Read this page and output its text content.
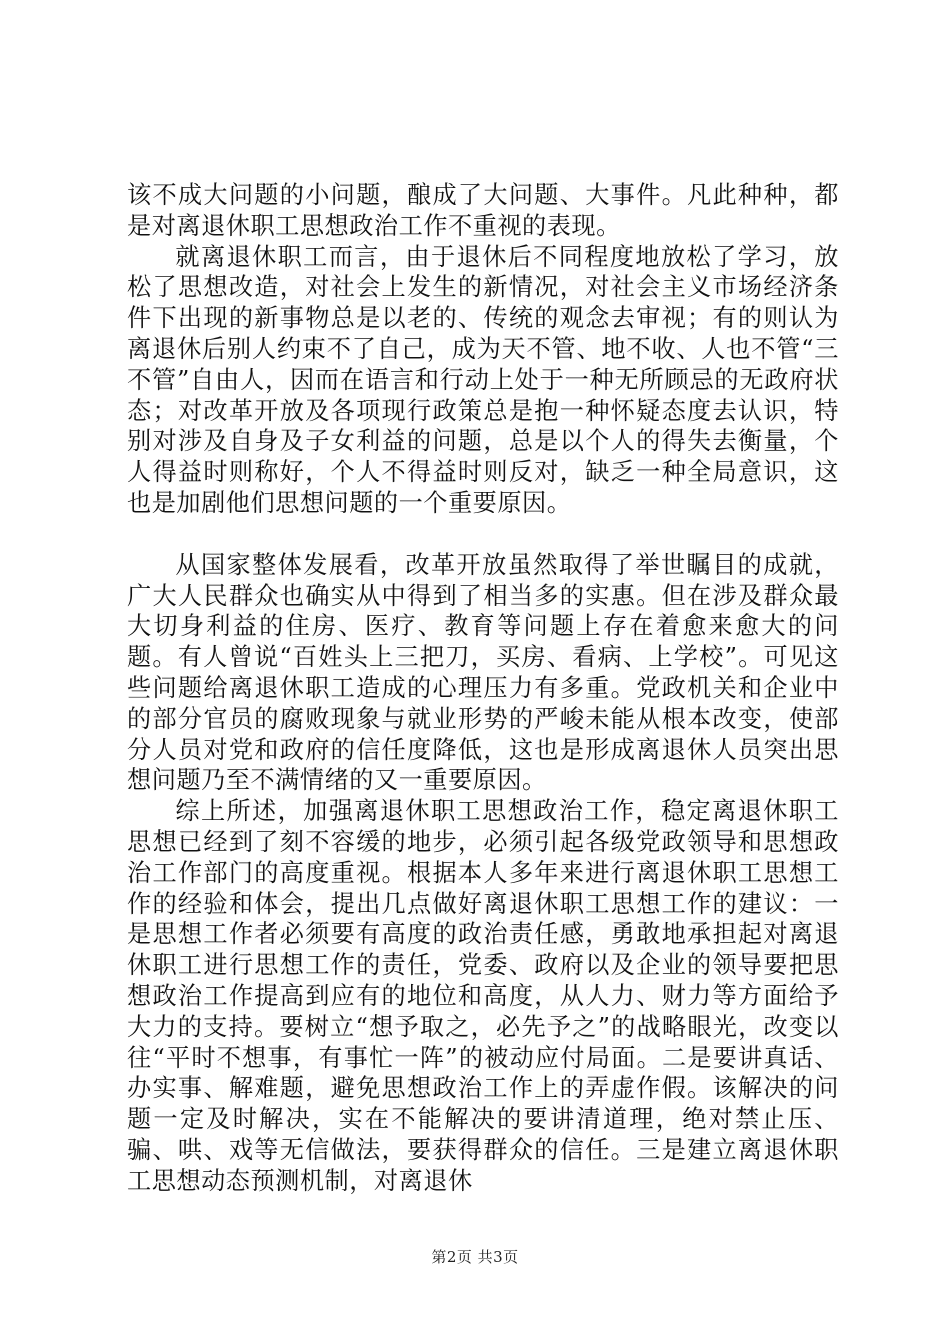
该不成大问题的小问题，酿成了大问题、大事件。凡此种种，都是对离退休职工思想政治工作不重视的表现。

就离退休职工而言，由于退休后不同程度地放松了学习，放松了思想改造，对社会上发生的新情况，对社会主义市场经济条件下出现的新事物总是以老的、传统的观念去审视；有的则认为离退休后别人约束不了自己，成为天不管、地不收、人也不管“三不管”自由人，因而在语言和行动上处于一种无所顾忌的无政府状态；对改革开放及各项现行政策总是抱一种怀疑态度去认识，特别对涉及自身及子女利益的问题，总是以个人的得失去衡量，个人得益时则称好，个人不得益时则反对，缺乏一种全局意识，这也是加剧他们思想问题的一个重要原因。

从国家整体发展看，改革开放虽然取得了举世瞩目的成就，广大人民群众也确实从中得到了相当多的实惠。但在涉及群众最大切身利益的住房、医疗、教育等问题上存在着愈来愈大的问题。有人曾说“百姓头上三把刀，买房、看病、上学校”。可见这些问题给离退休职工造成的心理压力有多重。党政机关和企业中的部分官员的腐败现象与就业形势的严峻未能从根本改变，使部分人员对党和政府的信任度降低，这也是形成离退休人员突出思想问题乃至不满情绪的又一重要原因。

综上所述，加强离退休职工思想政治工作，稳定离退休职工思想已经到了刻不容缓的地步，必须引起各级党政领导和思想政治工作部门的高度重视。根据本人多年来进行离退休职工思想工作的经验和体会，提出几点做好离退休职工思想工作的建议：一是思想工作者必须要有高度的政治责任感，勇敢地承担起对离退休职工进行思想工作的责任，党委、政府以及企业的领导要把思想政治工作提高到应有的地位和高度，从人力、财力等方面给予大力的支持。要树立“想予取之，必先予之”的战略眼光，改变以往“平时不想事，有事忙一阵”的被动应付局面。二是要讲真话、办实事、解难题，避免思想政治工作上的弄虚作假。该解决的问题一定及时解决，实在不能解决的要讲清道理，绝对禁止压、骗、哄、戏等无信做法，要获得群众的信任。三是建立离退休职工思想动态预测机制，对离退休

第2页 共3页
